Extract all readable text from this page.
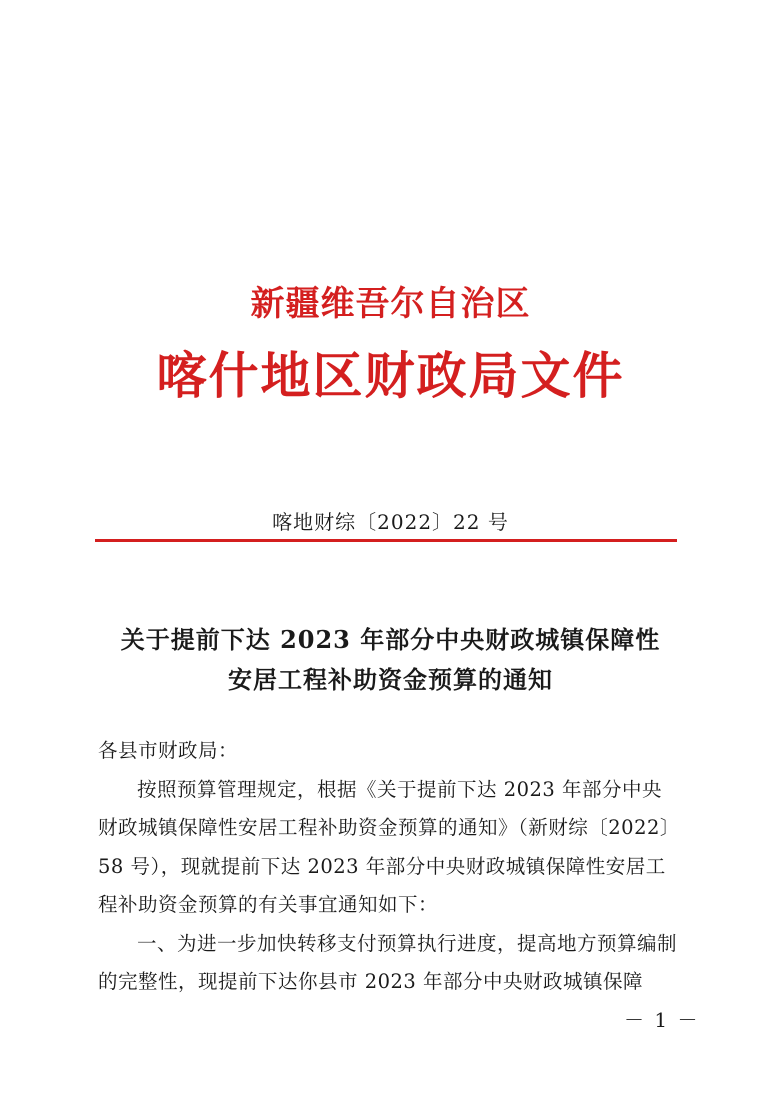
新疆维吾尔自治区
喀什地区财政局文件
喀地财综〔2022〕22 号
关于提前下达 2023 年部分中央财政城镇保障性
安居工程补助资金预算的通知

各县市财政局：

按照预算管理规定，根据《关于提前下达 2023 年部分中央财政城镇保障性安居工程补助资金预算的通知》（新财综〔2022〕58 号），现就提前下达 2023 年部分中央财政城镇保障性安居工程补助资金预算的有关事宜通知如下：

一、为进一步加快转移支付预算执行进度，提高地方预算编制的完整性，现提前下达你县市 2023 年部分中央财政城镇保障

－ 1 －
